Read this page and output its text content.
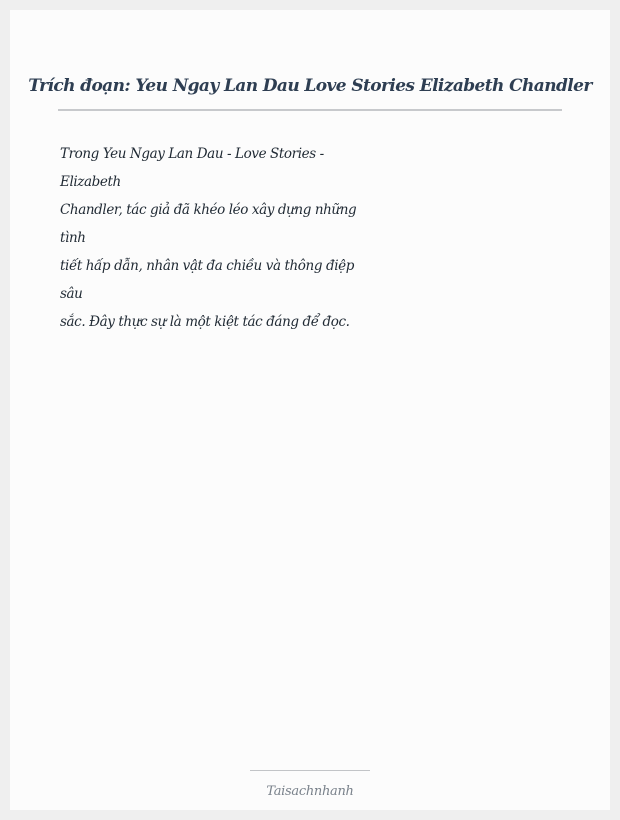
Trích đoạn: Yeu Ngay Lan Dau Love Stories Elizabeth Chandler

Trong Yeu Ngay Lan Dau - Love Stories -
Elizabeth
Chandler, tác giả đã khéo léo xây dựng những
tình
tiết hấp dẫn, nhân vật đa chiều và thông điệp
sâu
sắc. Đây thực sự là một kiệt tác đáng để đọc.

Taisachnhanh
